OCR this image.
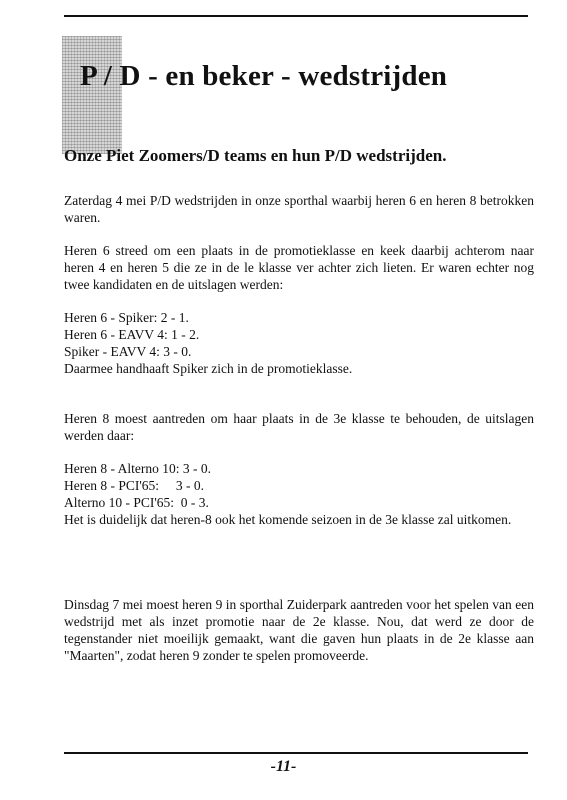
P / D - en beker - wedstrijden
Onze Piet Zoomers/D teams en hun P/D wedstrijden.

Zaterdag 4 mei P/D wedstrijden in onze sporthal waarbij heren 6 en heren 8 betrokken waren.

Heren 6 streed om een plaats in de promotieklasse en keek daarbij achterom naar heren 4 en heren 5 die ze in de le klasse ver achter zich lieten. Er waren echter nog twee kandidaten en de uitslagen werden:

Heren 6 - Spiker: 2 - 1.

Heren 6 - EAVV 4: 1 - 2.

Spiker - EAVV 4: 3 - 0.

Daarmee handhaaft Spiker zich in de promotieklasse.

Heren 8 moest aantreden om haar plaats in de 3e klasse te behouden, de uitslagen werden daar:

Heren 8 - Alterno 10: 3 - 0.

Heren 8 - PCI'65:     3 - 0.

Alterno 10 - PCI'65:  0 - 3.

Het is duidelijk dat heren-8 ook het komende seizoen in de 3e klasse zal uitkomen.

Dinsdag 7 mei moest heren 9 in sporthal Zuiderpark aantreden voor het spelen van een wedstrijd met als inzet promotie naar de 2e klasse. Nou, dat werd ze door de tegenstander niet moeilijk gemaakt, want die gaven hun plaats in de 2e klasse aan "Maarten", zodat heren 9 zonder te spelen promoveerde.

-11-
